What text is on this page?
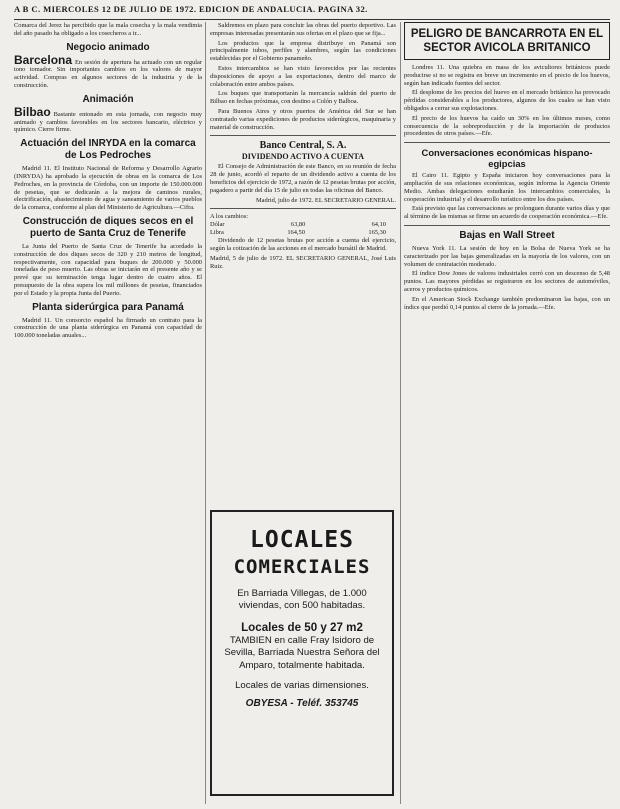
A B C. MIERCOLES 12 DE JULIO DE 1972. EDICION DE ANDALUCIA. PAGINA 32.

Comarca del Jerez ha percibido que la mala cosecha y la mala vendimia del año pasado ha obligado a los cosecheros a ir...

Negocio animado

Barcelona En sesión de apertura ha actuado con un regular tono tomador. Sin importantes cambios en los valores de mayor actividad. Compras en algunos sectores de la industria y de la construcción.

Animación

Bilbao Bastante entonado en esta jornada, con negocio muy animado y cambios favorables en los sectores bancario, eléctrico y químico. Cierre firme.

Actuación del INRYDA en la comarca de Los Pedroches

Madrid 11. El Instituto Nacional de Reforma y Desarrollo Agrario (INRYDA) ha aprobado la ejecución de obras en la comarca de Los Pedroches, en la provincia de Córdoba, con un importe de 150.000.000 de pesetas, que se dedicarán a la mejora de caminos rurales, electrificación, abastecimiento de agua y saneamiento de varios pueblos de la comarca, conforme al plan del Ministerio de Agricultura.—Cifra.

Construcción de diques secos en el puerto de Santa Cruz de Tenerife

La Junta del Puerto de Santa Cruz de Tenerife ha acordado la construcción de dos diques secos de 320 y 210 metros de longitud, respectivamente, con capacidad para buques de 200.000 y 50.000 toneladas de peso muerto. Las obras se iniciarán en el presente año y se prevé que su terminación tenga lugar dentro de cuatro años. El presupuesto de la obra supera los mil millones de pesetas, financiados por el Estado y la propia Junta del Puerto.

Planta siderúrgica para Panamá

Madrid 11. Un consorcio español ha firmado un contrato para la construcción de una planta siderúrgica en Panamá con capacidad de 100.000 toneladas anuales...

Saldremos en plazo para concluir las obras del puerto deportivo. Las empresas interesadas presentarán sus ofertas en el plazo que se fija...

Los productos que la empresa distribuye en Panamá son principalmente tubos, perfiles y alambres, según las condiciones establecidas por el Gobierno panameño.

Estos intercambios se han visto favorecidos por las recientes disposiciones de apoyo a las exportaciones, dentro del marco de colaboración entre ambos países.

Los buques que transportarán la mercancía saldrán del puerto de Bilbao en fechas próximas, con destino a Colón y Balboa.

Para Buenos Aires y otros puertos de América del Sur se han contratado varias expediciones de productos siderúrgicos, maquinaria y material de construcción.

Banco Central, S. A.
DIVIDENDO ACTIVO A CUENTA

El Consejo de Administración de este Banco, en su reunión de fecha 28 de junio, acordó el reparto de un dividendo activo a cuenta de los beneficios del ejercicio de 1972, a razón de 12 pesetas brutas por acción, pagadero a partir del día 15 de julio en todas las oficinas del Banco.

Madrid, julio de 1972. EL SECRETARIO GENERAL.

A los cambios:
Dólar	63,80	64,10
Libra	164,50	165,30

Dividendo de 12 pesetas brutas por acción a cuenta del ejercicio, según la cotización de las acciones en el mercado bursátil de Madrid.

Madrid, 5 de julio de 1972. EL SECRETARIO GENERAL, José Luis Ruiz.

LOCALES
COMERCIALES
En Barriada Villegas, de 1.000 viviendas, con 500 habitadas.
Locales de 50 y 27 m2
TAMBIEN en calle Fray Isidoro de Sevilla, Barriada Nuestra Señora del Amparo, totalmente habitada.
Locales de varias dimensiones.
OBYESA - Teléf. 353745
PELIGRO DE BANCARROTA EN EL SECTOR AVICOLA BRITANICO

Londres 11. Una quiebra en masa de los avicultores británicos puede producirse si no se registra en breve un incremento en el precio de los huevos, según han indicado fuentes del sector.

El desplome de los precios del huevo en el mercado británico ha provocado pérdidas considerables a los productores, algunos de los cuales se han visto obligados a cerrar sus explotaciones.

El precio de los huevos ha caído un 30% en los últimos meses, como consecuencia de la sobreproducción y de la importación de productos procedentes de otros países.—Efe.

Conversaciones económicas hispano-egipcias

El Cairo 11. Egipto y España iniciaron hoy conversaciones para la ampliación de sus relaciones económicas, según informa la Agencia Oriente Medio. Ambas delegaciones estudiarán los intercambios comerciales, la cooperación industrial y el desarrollo turístico entre los dos países.

Está previsto que las conversaciones se prolonguen durante varios días y que al término de las mismas se firme un acuerdo de cooperación económica.—Efe.

Bajas en Wall Street

Nueva York 11. La sesión de hoy en la Bolsa de Nueva York se ha caracterizado por las bajas generalizadas en la mayoría de los valores, con un volumen de contratación moderado.

El índice Dow Jones de valores industriales cerró con un descenso de 5,48 puntos. Las mayores pérdidas se registraron en los sectores de automóviles, aceros y productos químicos.

En el American Stock Exchange también predominaron las bajas, con un índice que perdió 0,14 puntos al cierre de la jornada.—Efe.
